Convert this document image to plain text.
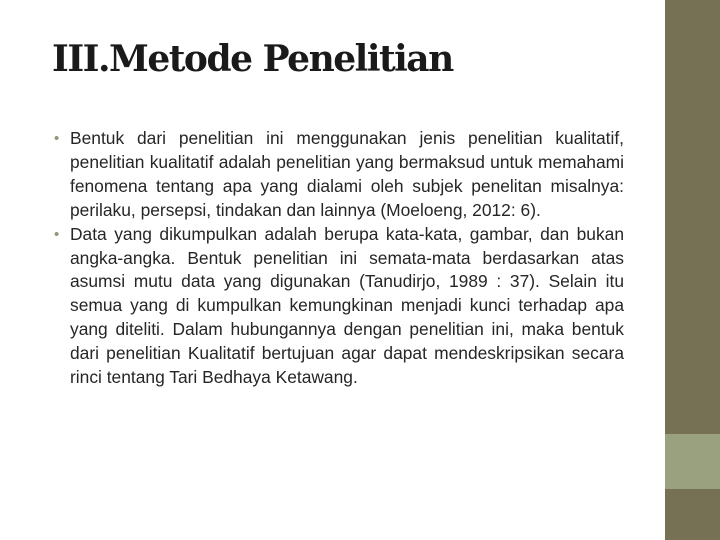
III.Metode Penelitian

• Bentuk dari penelitian ini menggunakan jenis penelitian kualitatif, penelitian kualitatif adalah penelitian yang bermaksud untuk memahami fenomena tentang apa yang dialami oleh subjek penelitan misalnya: perilaku, persepsi, tindakan dan lainnya (Moeloeng, 2012: 6).

• Data yang dikumpulkan adalah berupa kata-kata, gambar, dan bukan angka-angka. Bentuk penelitian ini semata-mata berdasarkan atas asumsi mutu data yang digunakan (Tanudirjo, 1989 : 37). Selain itu semua yang di kumpulkan kemungkinan menjadi kunci terhadap apa yang diteliti. Dalam hubungannya dengan penelitian ini, maka bentuk dari penelitian Kualitatif bertujuan agar dapat mendeskripsikan secara rinci tentang Tari Bedhaya Ketawang.
